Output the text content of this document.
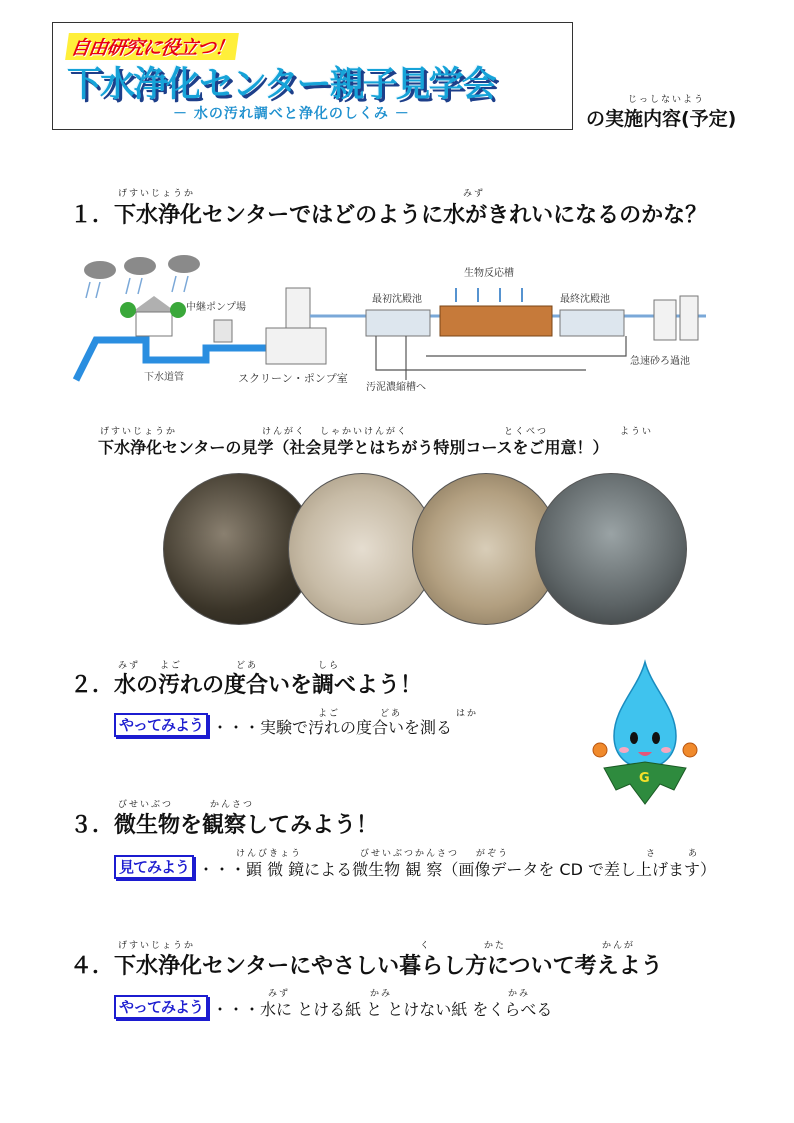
自由研究に役立つ！
下水浄化センター親子見学会
－ 水の汚れ調べと浄化のしくみ －
じっしないよう
の実施内容(予定)
げすいじょうか	みず
１．下水浄化センターではどのように水がきれいになるのかな？
中継ポンプ場
生物反応槽
最初沈殿池	最終沈殿池
下水道管	スクリーン・ポンプ室
汚泥濃縮槽へ
急速砂ろ過池
げすいじょうか	けんがく しゃかいけんがく	とくべつ	ようい
下水浄化センターの見学（社会見学とはちがう特別コースをご用意！）
みず よご	どあ	しら
２．水の汚れの度合いを調べよう！
よご	どあ	はか
やってみよう ・・・実験で汚れの度合いを測る
G
びせいぶつ	かんさつ
３．微生物を観察してみよう！
けんびきょう	びせいぶつかんさつ がぞう	さ	あ
見てみよう ・・・顕 微 鏡による微生物 観 察（画像データを CD で差し上げます）
げすいじょうか	く	かた	かんが
４．下水浄化センターにやさしい暮らし方について考えよう
みず	かみ	かみ
やってみよう ・・・水に とける紙 と とけない紙 をくらべる
